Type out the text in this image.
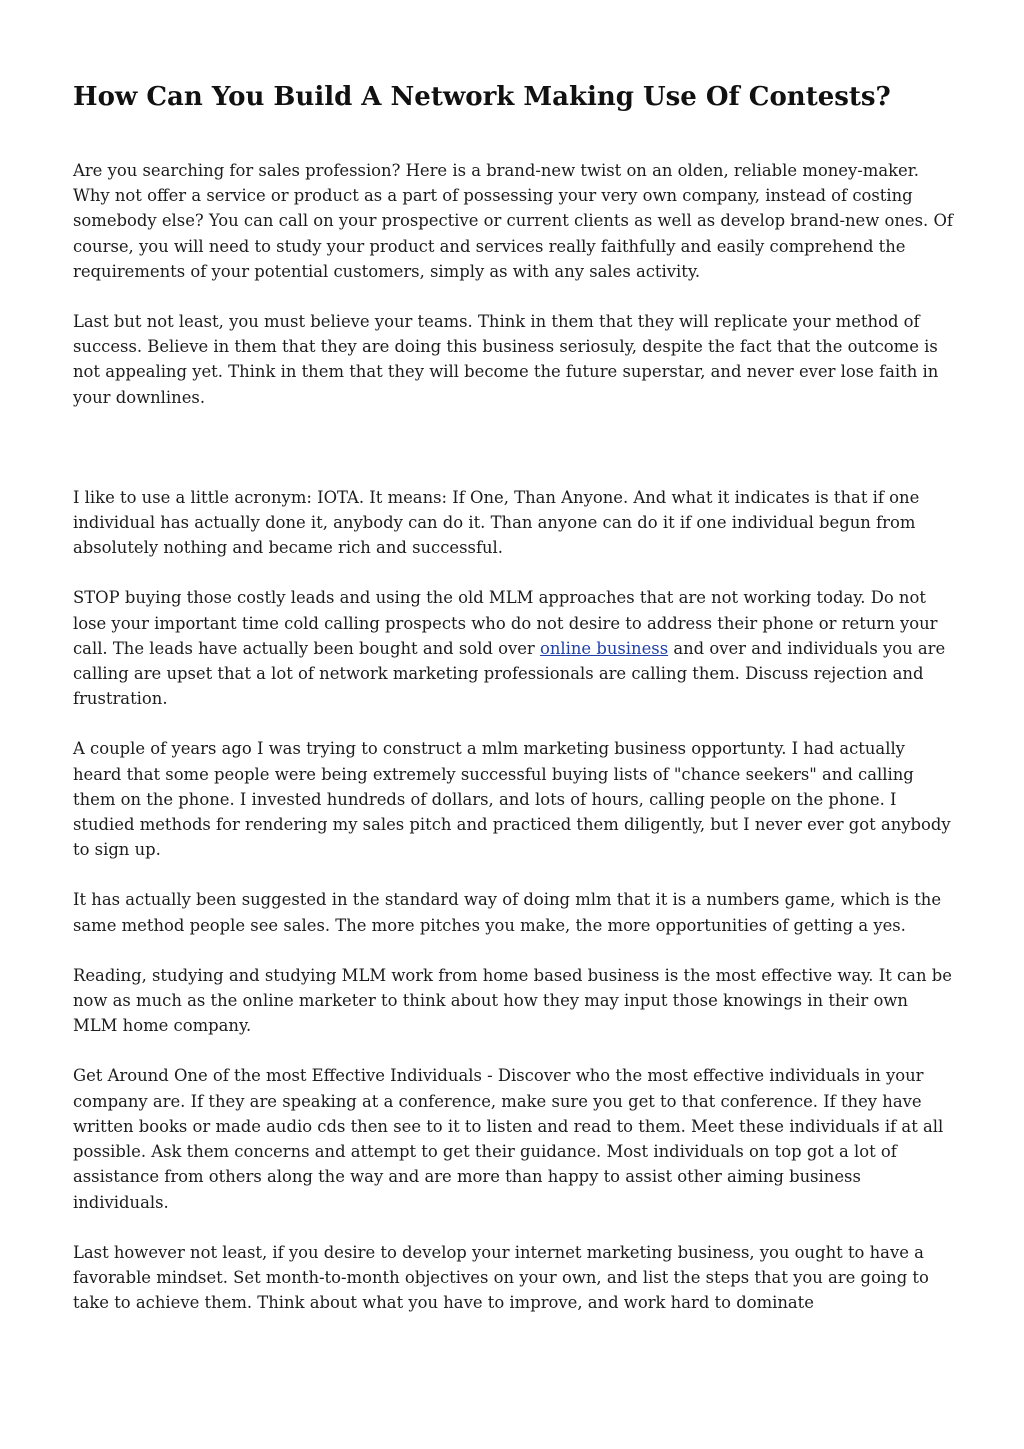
How Can You Build A Network Making Use Of Contests?

Are you searching for sales profession? Here is a brand-new twist on an olden, reliable money-maker. Why not offer a service or product as a part of possessing your very own company, instead of costing somebody else? You can call on your prospective or current clients as well as develop brand-new ones. Of course, you will need to study your product and services really faithfully and easily comprehend the requirements of your potential customers, simply as with any sales activity.

Last but not least, you must believe your teams. Think in them that they will replicate your method of success. Believe in them that they are doing this business seriosuly, despite the fact that the outcome is not appealing yet. Think in them that they will become the future superstar, and never ever lose faith in your downlines.

I like to use a little acronym: IOTA. It means: If One, Than Anyone. And what it indicates is that if one individual has actually done it, anybody can do it. Than anyone can do it if one individual begun from absolutely nothing and became rich and successful.

STOP buying those costly leads and using the old MLM approaches that are not working today. Do not lose your important time cold calling prospects who do not desire to address their phone or return your call. The leads have actually been bought and sold over online business and over and individuals you are calling are upset that a lot of network marketing professionals are calling them. Discuss rejection and frustration.

A couple of years ago I was trying to construct a mlm marketing business opportunty. I had actually heard that some people were being extremely successful buying lists of "chance seekers" and calling them on the phone. I invested hundreds of dollars, and lots of hours, calling people on the phone. I studied methods for rendering my sales pitch and practiced them diligently, but I never ever got anybody to sign up.

It has actually been suggested in the standard way of doing mlm that it is a numbers game, which is the same method people see sales. The more pitches you make, the more opportunities of getting a yes.

Reading, studying and studying MLM work from home based business is the most effective way. It can be now as much as the online marketer to think about how they may input those knowings in their own MLM home company.

Get Around One of the most Effective Individuals - Discover who the most effective individuals in your company are. If they are speaking at a conference, make sure you get to that conference. If they have written books or made audio cds then see to it to listen and read to them. Meet these individuals if at all possible. Ask them concerns and attempt to get their guidance. Most individuals on top got a lot of assistance from others along the way and are more than happy to assist other aiming business individuals.

Last however not least, if you desire to develop your internet marketing business, you ought to have a favorable mindset. Set month-to-month objectives on your own, and list the steps that you are going to take to achieve them. Think about what you have to improve, and work hard to dominate
